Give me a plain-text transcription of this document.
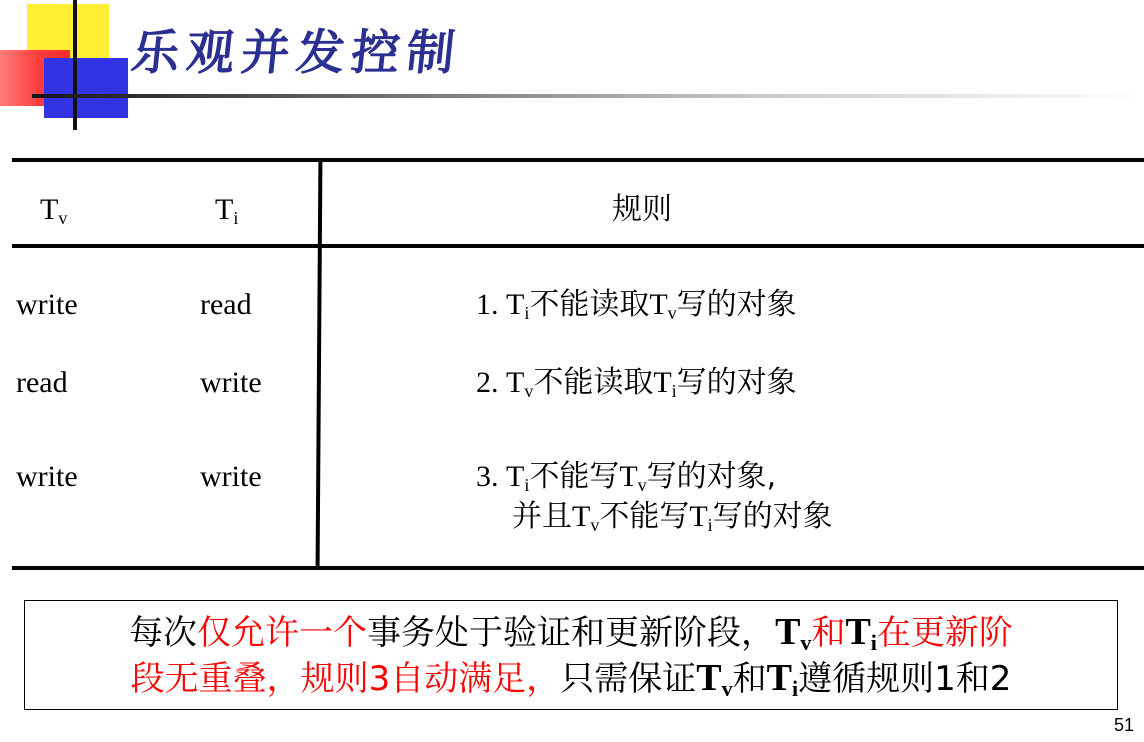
乐观并发控制
$T_v$	$T_i$	规则
write	read	1. $T_i$不能读取$T_v$写的对象
read	write	2. $T_v$不能读取$T_i$写的对象
write	write	3. $T_i$不能写$T_v$写的对象,
并且$T_v$不能写$T_i$写的对象
每次仅允许一个事务处于验证和更新阶段，$T_v$和$T_i$在更新阶
段无重叠，规则3自动满足，只需保证$T_v$和$T_i$遵循规则1和2
51
